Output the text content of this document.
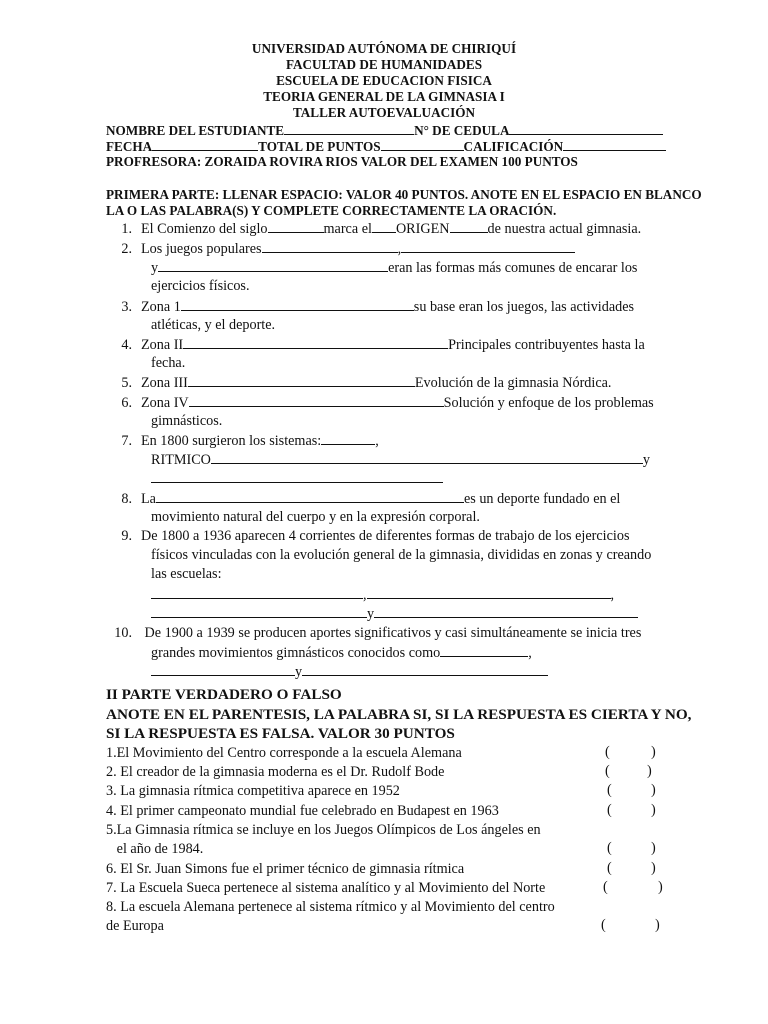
UNIVERSIDAD AUTÓNOMA DE CHIRIQUÍ
FACULTAD DE HUMANIDADES
ESCUELA DE EDUCACION FISICA
TEORIA GENERAL DE LA GIMNASIA I
TALLER AUTOEVALUACIÓN
NOMBRE DEL ESTUDIANTE	N° DE CEDULA
FECHA	TOTAL DE PUNTOS	CALIFICACIÓN
PROFRESORA: ZORAIDA ROVIRA RIOS VALOR DEL EXAMEN 100 PUNTOS
PRIMERA PARTE: LLENAR ESPACIO: VALOR 40 PUNTOS. ANOTE EN EL ESPACIO EN BLANCO
LA O LAS PALABRA(S) Y COMPLETE CORRECTAMENTE LA ORACIÓN.
1. El Comienzo del siglo	marca el ORIGEN	de nuestra actual gimnasia.
2. Los juegos populares	,
y	eran las formas más comunes de encarar los
ejercicios físicos.
3. Zona 1	su base eran los juegos, las actividades
atléticas, y el deporte.
4. Zona II	Principales contribuyentes hasta la
fecha.
5. Zona III	Evolución de la gimnasia Nórdica.
6. Zona IV	Solución y enfoque de los problemas
gimnásticos.
7. En 1800 surgieron los sistemas:	,
RITMICO	y
8. La	es un deporte fundado en el
movimiento natural del cuerpo y en la expresión corporal.
9. De 1800 a 1936 aparecen 4 corrientes de diferentes formas de trabajo de los ejercicios
físicos vinculadas con la evolución general de la gimnasia, divididas en zonas y creando
las escuelas:
,	,
y
10. De 1900 a 1939 se producen aportes significativos y casi simultáneamente se inicia tres
grandes movimientos gimnásticos conocidos como	,
y
II PARTE VERDADERO O FALSO
ANOTE EN EL PARENTESIS, LA PALABRA SI, SI LA RESPUESTA ES CIERTA Y NO,
SI LA RESPUESTA ES FALSA. VALOR 30 PUNTOS
1.El Movimiento del Centro corresponde a la escuela Alemana	(	)
2. El creador de la gimnasia moderna es el Dr. Rudolf Bode	(	)
3. La gimnasia rítmica competitiva aparece en 1952	(	)
4. El primer campeonato mundial fue celebrado en Budapest en 1963	(	)
5.La Gimnasia rítmica se incluye en los Juegos Olímpicos de Los ángeles en
el año de 1984.	(	)
6. El Sr. Juan Simons fue el primer técnico de gimnasia rítmica	(	)
7. La Escuela Sueca pertenece al sistema analítico y al Movimiento del Norte	(	)
8. La escuela Alemana pertenece al sistema rítmico y al Movimiento del centro
de Europa	(	)
